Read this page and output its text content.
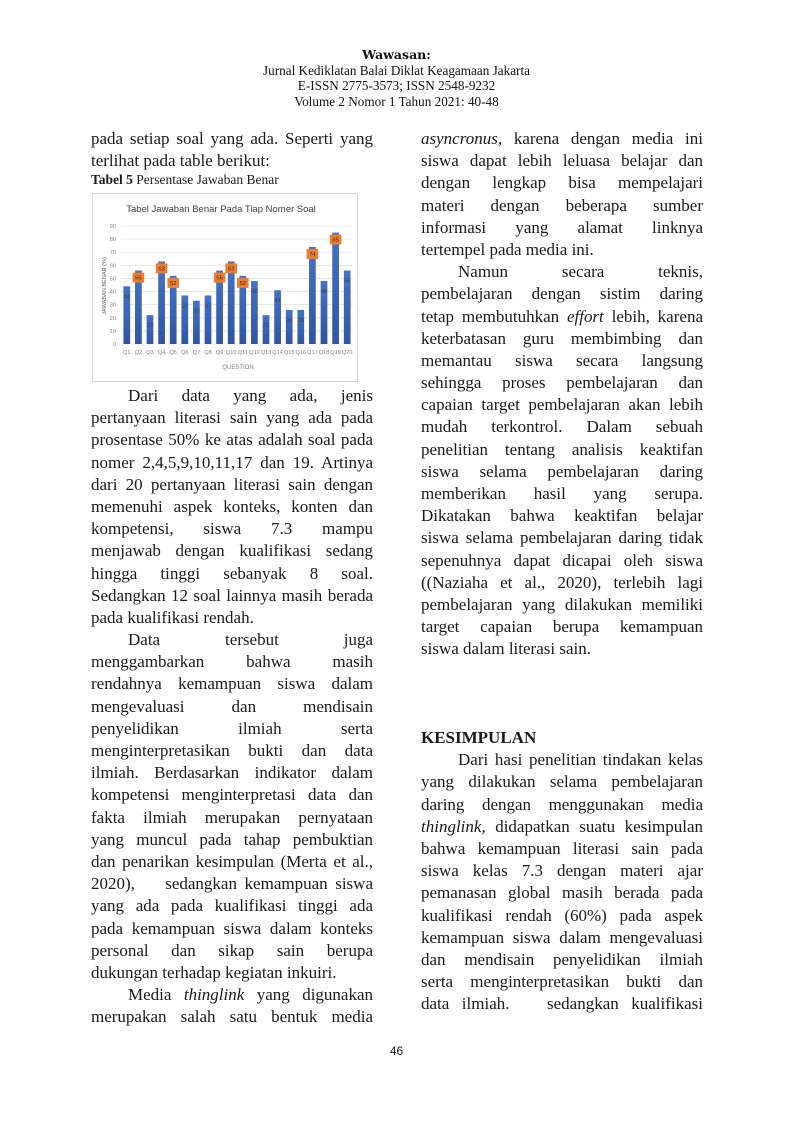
Wawasan:
Jurnal Kediklatan Balai Diklat Keagamaan Jakarta
E-ISSN 2775-3573; ISSN 2548-9232
Volume 2 Nomor 1 Tahun 2021: 40-48
pada setiap soal yang ada. Seperti yang
terlihat pada table berikut:
Tabel 5 Persentase Jawaban Benar
Tabel Jawaban Benar Pada Tiap Nomer Soal
0
10
20
30
40
50
60
70
80
90
44
56
22
63
52
37
33
37
56
63
52
48
22
41
26 26
74
48
85
56
Q1 Q2 Q3 Q4 Q5 Q6 Q7 Q8 Q9 Q10 Q11 Q12 Q13 Q14 Q15 Q16 Q17 Q18 Q19 Q20
JAWABAN BENAR (%)
QUESTION
Dari data yang ada, jenis
pertanyaan literasi sain yang ada pada
prosentase 50% ke atas adalah soal pada
nomer 2,4,5,9,10,11,17 dan 19. Artinya
dari 20 pertanyaan literasi sain dengan
memenuhi aspek konteks, konten dan
kompetensi, siswa 7.3 mampu
menjawab dengan kualifikasi sedang
hingga tinggi sebanyak 8 soal.
Sedangkan 12 soal lainnya masih berada
pada kualifikasi rendah.
Data tersebut juga
menggambarkan bahwa masih
rendahnya kemampuan siswa dalam
mengevaluasi dan mendisain
penyelidikan ilmiah serta
menginterpretasikan bukti dan data
ilmiah. Berdasarkan indikator dalam
kompetensi menginterpretasi data dan
fakta ilmiah merupakan pernyataan
yang muncul pada tahap pembuktian
dan penarikan kesimpulan (Merta et al.,
2020),    sedangkan kemampuan siswa
yang ada pada kualifikasi tinggi ada
pada kemampuan siswa dalam konteks
personal dan sikap sain berupa
dukungan terhadap kegiatan inkuiri.
Media thinglink yang digunakan
merupakan salah satu bentuk media
asyncronus, karena dengan media ini
siswa dapat lebih leluasa belajar dan
dengan lengkap bisa mempelajari
materi dengan beberapa sumber
informasi yang alamat linknya
tertempel pada media ini.
Namun secara teknis,
pembelajaran dengan sistim daring
tetap membutuhkan effort lebih, karena
keterbatasan guru membimbing dan
memantau siswa secara langsung
sehingga proses pembelajaran dan
capaian target pembelajaran akan lebih
mudah terkontrol. Dalam sebuah
penelitian tentang analisis keaktifan
siswa selama pembelajaran daring
memberikan hasil yang serupa.
Dikatakan bahwa keaktifan belajar
siswa selama pembelajaran daring tidak
sepenuhnya dapat dicapai oleh siswa
((Naziaha et al., 2020), terlebih lagi
pembelajaran yang dilakukan memiliki
target capaian berupa kemampuan
siswa dalam literasi sain.
KESIMPULAN
Dari hasi penelitian tindakan kelas
yang dilakukan selama pembelajaran
daring dengan menggunakan media
thinglink, didapatkan suatu kesimpulan
bahwa kemampuan literasi sain pada
siswa kelas 7.3 dengan materi ajar
pemanasan global masih berada pada
kualifikasi rendah (60%) pada aspek
kemampuan siswa dalam mengevaluasi
dan mendisain penyelidikan ilmiah
serta menginterpretasikan bukti dan
data ilmiah.   sedangkan kualifikasi
46
